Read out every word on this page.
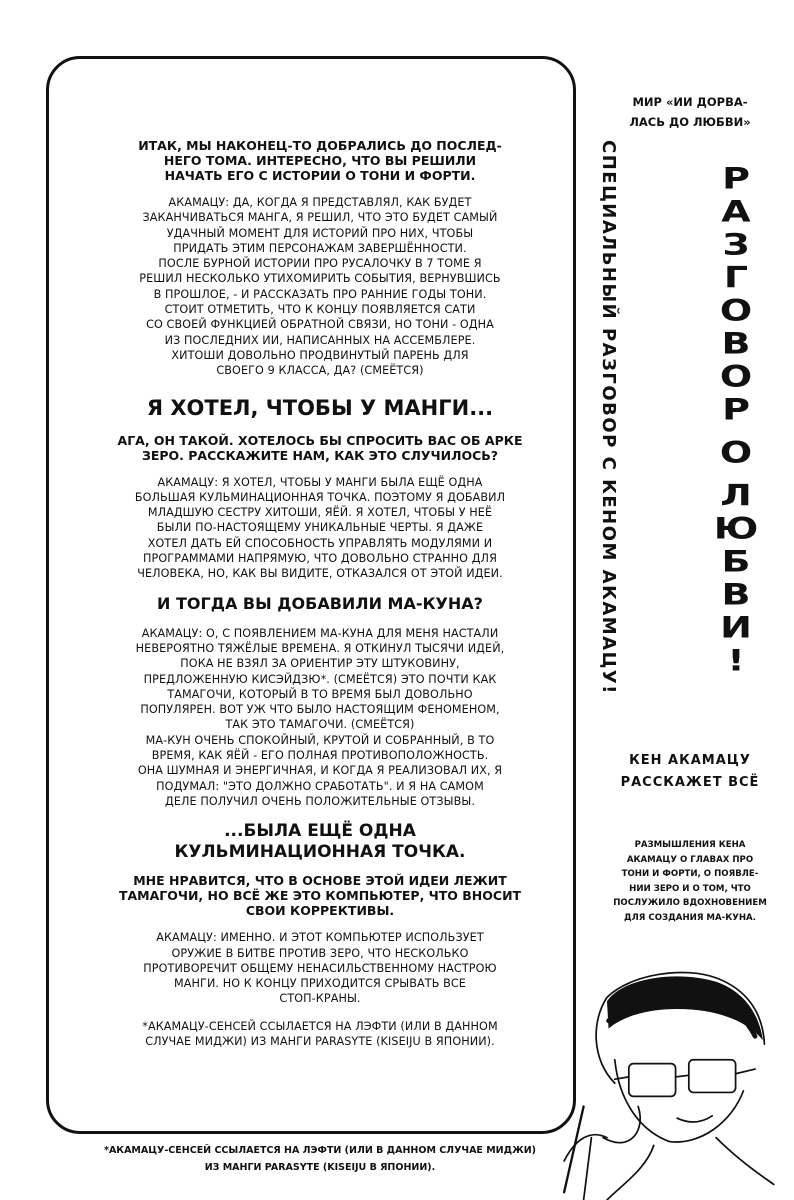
ИТАК, МЫ НАКОНЕЦ-ТО ДОБРАЛИСЬ ДО ПОСЛЕД-
НЕГО ТОМА. ИНТЕРЕСНО, ЧТО ВЫ РЕШИЛИ
НАЧАТЬ ЕГО С ИСТОРИИ О ТОНИ И ФОРТИ.
АКАМАЦУ: ДА, КОГДА Я ПРЕДСТАВЛЯЛ, КАК БУДЕТ
ЗАКАНЧИВАТЬСЯ МАНГА, Я РЕШИЛ, ЧТО ЭТО БУДЕТ САМЫЙ
УДАЧНЫЙ МОМЕНТ ДЛЯ ИСТОРИЙ ПРО НИХ, ЧТОБЫ
ПРИДАТЬ ЭТИМ ПЕРСОНАЖАМ ЗАВЕРШЁННОСТИ.
ПОСЛЕ БУРНОЙ ИСТОРИИ ПРО РУСАЛОЧКУ В 7 ТОМЕ Я
РЕШИЛ НЕСКОЛЬКО УТИХОМИРИТЬ СОБЫТИЯ, ВЕРНУВШИСЬ
В ПРОШЛОЕ, - И РАССКАЗАТЬ ПРО РАННИЕ ГОДЫ ТОНИ.
СТОИТ ОТМЕТИТЬ, ЧТО К КОНЦУ ПОЯВЛЯЕТСЯ САТИ
СО СВОЕЙ ФУНКЦИЕЙ ОБРАТНОЙ СВЯЗИ, НО ТОНИ - ОДНА
ИЗ ПОСЛЕДНИХ ИИ, НАПИСАННЫХ НА АССЕМБЛЕРЕ.
ХИТОШИ ДОВОЛЬНО ПРОДВИНУТЫЙ ПАРЕНЬ ДЛЯ
СВОЕГО 9 КЛАССА, ДА? (СМЕЁТСЯ)
Я ХОТЕЛ, ЧТОБЫ У МАНГИ...
АГА, ОН ТАКОЙ. ХОТЕЛОСЬ БЫ СПРОСИТЬ ВАС ОБ АРКЕ
ЗЕРО. РАССКАЖИТЕ НАМ, КАК ЭТО СЛУЧИЛОСЬ?
АКАМАЦУ: Я ХОТЕЛ, ЧТОБЫ У МАНГИ БЫЛА ЕЩЁ ОДНА
БОЛЬШАЯ КУЛЬМИНАЦИОННАЯ ТОЧКА. ПОЭТОМУ Я ДОБАВИЛ
МЛАДШУЮ СЕСТРУ ХИТОШИ, ЯЁЙ. Я ХОТЕЛ, ЧТОБЫ У НЕЁ
БЫЛИ ПО-НАСТОЯЩЕМУ УНИКАЛЬНЫЕ ЧЕРТЫ. Я ДАЖЕ
ХОТЕЛ ДАТЬ ЕЙ СПОСОБНОСТЬ УПРАВЛЯТЬ МОДУЛЯМИ И
ПРОГРАММАМИ НАПРЯМУЮ, ЧТО ДОВОЛЬНО СТРАННО ДЛЯ
ЧЕЛОВЕКА, НО, КАК ВЫ ВИДИТЕ, ОТКАЗАЛСЯ ОТ ЭТОЙ ИДЕИ.
И ТОГДА ВЫ ДОБАВИЛИ МА-КУНА?
АКАМАЦУ: О, С ПОЯВЛЕНИЕМ МА-КУНА ДЛЯ МЕНЯ НАСТАЛИ
НЕВЕРОЯТНО ТЯЖЁЛЫЕ ВРЕМЕНА. Я ОТКИНУЛ ТЫСЯЧИ ИДЕЙ,
ПОКА НЕ ВЗЯЛ ЗА ОРИЕНТИР ЭТУ ШТУКОВИНУ,
ПРЕДЛОЖЕННУЮ КИСЭЙДЗЮ*. (СМЕЁТСЯ) ЭТО ПОЧТИ КАК
ТАМАГОЧИ, КОТОРЫЙ В ТО ВРЕМЯ БЫЛ ДОВОЛЬНО
ПОПУЛЯРЕН. ВОТ УЖ ЧТО БЫЛО НАСТОЯЩИМ ФЕНОМЕНОМ,
ТАК ЭТО ТАМАГОЧИ. (СМЕЁТСЯ)
МА-КУН ОЧЕНЬ СПОКОЙНЫЙ, КРУТОЙ И СОБРАННЫЙ, В ТО
ВРЕМЯ, КАК ЯЁЙ - ЕГО ПОЛНАЯ ПРОТИВОПОЛОЖНОСТЬ.
ОНА ШУМНАЯ И ЭНЕРГИЧНАЯ, И КОГДА Я РЕАЛИЗОВАЛ ИХ, Я
ПОДУМАЛ: "ЭТО ДОЛЖНО СРАБОТАТЬ". И Я НА САМОМ
ДЕЛЕ ПОЛУЧИЛ ОЧЕНЬ ПОЛОЖИТЕЛЬНЫЕ ОТЗЫВЫ.
...БЫЛА ЕЩЁ ОДНА
КУЛЬМИНАЦИОННАЯ ТОЧКА.
МНЕ НРАВИТСЯ, ЧТО В ОСНОВЕ ЭТОЙ ИДЕИ ЛЕЖИТ
ТАМАГОЧИ, НО ВСЁ ЖЕ ЭТО КОМПЬЮТЕР, ЧТО ВНОСИТ
СВОИ КОРРЕКТИВЫ.
АКАМАЦУ: ИМЕННО. И ЭТОТ КОМПЬЮТЕР ИСПОЛЬЗУЕТ
ОРУЖИЕ В БИТВЕ ПРОТИВ ЗЕРО, ЧТО НЕСКОЛЬКО
ПРОТИВОРЕЧИТ ОБЩЕМУ НЕНАСИЛЬСТВЕННОМУ НАСТРОЮ
МАНГИ. НО К КОНЦУ ПРИХОДИТСЯ СРЫВАТЬ ВСЕ
СТОП-КРАНЫ.
*АКАМАЦУ-СЕНСЕЙ ССЫЛАЕТСЯ НА ЛЭФТИ (ИЛИ В ДАННОМ
СЛУЧАЕ МИДЖИ) ИЗ МАНГИ PARASYTE (KISEIJU В ЯПОНИИ).
*АКАМАЦУ-СЕНСЕЙ ССЫЛАЕТСЯ НА ЛЭФТИ (ИЛИ В ДАННОМ СЛУЧАЕ МИДЖИ)
ИЗ МАНГИ PARASYTE (KISEIJU В ЯПОНИИ).
МИР «ИИ ДОРВА-
ЛАСЬ ДО ЛЮБВИ»
СПЕЦИАЛЬНЫЙ РАЗГОВОР С КЕНОМ АКАМАЦУ!	Р
А
З
Г
О
В
О
Р

О

Л
Ю
Б
В
И
!
КЕН АКАМАЦУ
РАССКАЖЕТ ВСЁ
РАЗМЫШЛЕНИЯ КЕНА
АКАМАЦУ О ГЛАВАХ ПРО
ТОНИ И ФОРТИ, О ПОЯВЛЕ-
НИИ ЗЕРО И О ТОМ, ЧТО
ПОСЛУЖИЛО ВДОХНОВЕНИЕМ
ДЛЯ СОЗДАНИЯ МА-КУНА.
